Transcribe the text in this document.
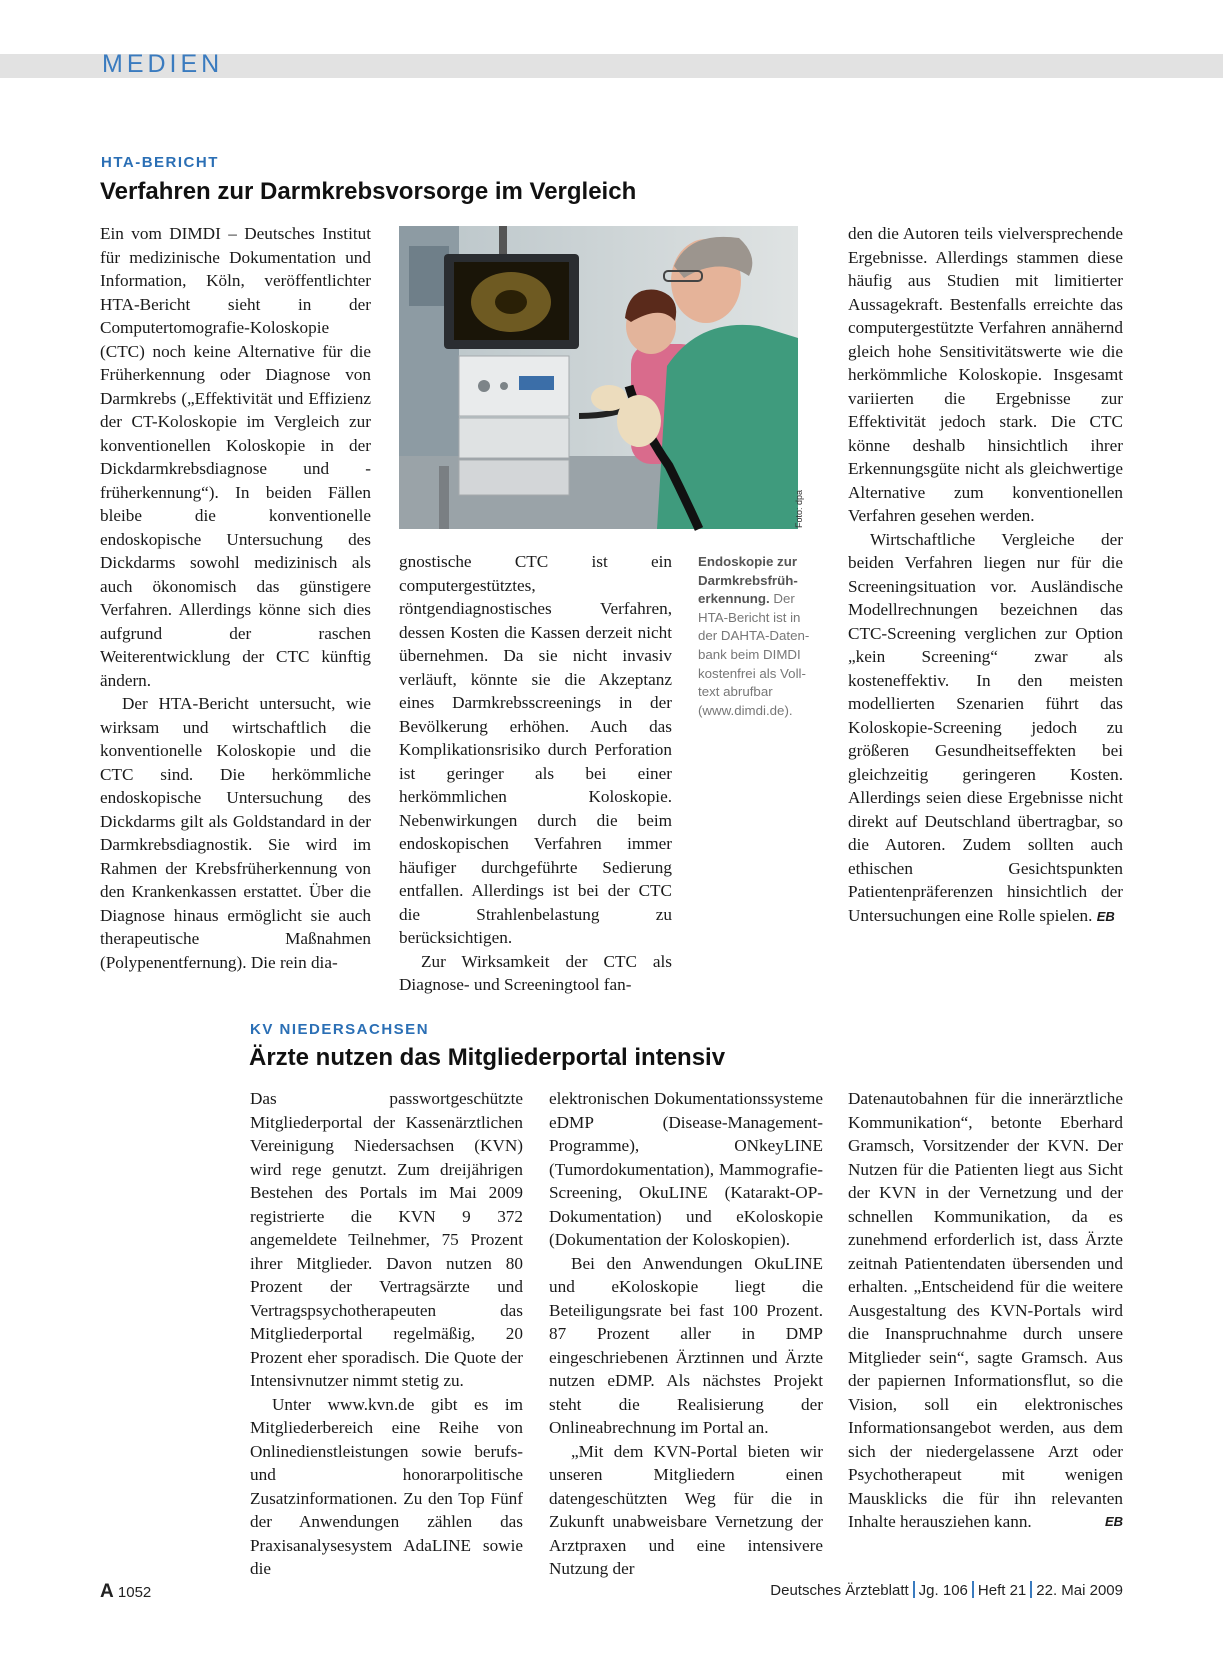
MEDIEN
HTA-BERICHT
Verfahren zur Darmkrebsvorsorge im Vergleich

Ein vom DIMDI – Deutsches Institut für medizinische Dokumentation und Information, Köln, veröffentlichter HTA-Bericht sieht in der Computertomografie-Koloskopie (CTC) noch keine Alternative für die Früherkennung oder Diagnose von Darmkrebs („Effektivität und Effizienz der CT-Koloskopie im Vergleich zur konventionellen Koloskopie in der Dickdarmkrebsdiagnose und -früherkennung“). In beiden Fällen bleibe die konventionelle endoskopische Untersuchung des Dickdarms sowohl medizinisch als auch ökonomisch das günstigere Verfahren. Allerdings könne sich dies aufgrund der raschen Weiterentwicklung der CTC künftig ändern.

Der HTA-Bericht untersucht, wie wirksam und wirtschaftlich die konventionelle Koloskopie und die CTC sind. Die herkömmliche endoskopische Untersuchung des Dickdarms gilt als Goldstandard in der Darmkrebsdiagnostik. Sie wird im Rahmen der Krebsfrüherkennung von den Krankenkassen erstattet. Über die Diagnose hinaus ermöglicht sie auch therapeutische Maßnahmen (Polypenentfernung). Die rein dia-

Foto: dpa

gnostische CTC ist ein computergestütztes, röntgendiagnostisches Verfahren, dessen Kosten die Kassen derzeit nicht übernehmen. Da sie nicht invasiv verläuft, könnte sie die Akzeptanz eines Darmkrebsscreenings in der Bevölkerung erhöhen. Auch das Komplikationsrisiko durch Perforation ist geringer als bei einer herkömmlichen Koloskopie. Nebenwirkungen durch die beim endoskopischen Verfahren immer häufiger durchgeführte Sedierung entfallen. Allerdings ist bei der CTC die Strahlenbelastung zu berücksichtigen.

Zur Wirksamkeit der CTC als Diagnose- und Screeningtool fan-

Endoskopie zur Darmkrebsfrüherkennung. Der HTA-Bericht ist in der DAHTA-Datenbank beim DIMDI kostenfrei als Volltext abrufbar (www.dimdi.de).

den die Autoren teils vielversprechende Ergebnisse. Allerdings stammen diese häufig aus Studien mit limitierter Aussagekraft. Bestenfalls erreichte das computergestützte Verfahren annähernd gleich hohe Sensitivitätswerte wie die herkömmliche Koloskopie. Insgesamt variierten die Ergebnisse zur Effektivität jedoch stark. Die CTC könne deshalb hinsichtlich ihrer Erkennungsgüte nicht als gleichwertige Alternative zum konventionellen Verfahren gesehen werden.

Wirtschaftliche Vergleiche der beiden Verfahren liegen nur für die Screeningsituation vor. Ausländische Modellrechnungen bezeichnen das CTC-Screening verglichen zur Option „kein Screening“ zwar als kosteneffektiv. In den meisten modellierten Szenarien führt das Koloskopie-Screening jedoch zu größeren Gesundheitseffekten bei gleichzeitig geringeren Kosten. Allerdings seien diese Ergebnisse nicht direkt auf Deutschland übertragbar, so die Autoren. Zudem sollten auch ethischen Gesichtspunkten Patientenpräferenzen hinsichtlich der Untersuchungen eine Rolle spielen. EB

KV NIEDERSACHSEN
Ärzte nutzen das Mitgliederportal intensiv

Das passwortgeschützte Mitgliederportal der Kassenärztlichen Vereinigung Niedersachsen (KVN) wird rege genutzt. Zum dreijährigen Bestehen des Portals im Mai 2009 registrierte die KVN 9 372 angemeldete Teilnehmer, 75 Prozent ihrer Mitglieder. Davon nutzen 80 Prozent der Vertragsärzte und Vertragspsychotherapeuten das Mitgliederportal regelmäßig, 20 Prozent eher sporadisch. Die Quote der Intensivnutzer nimmt stetig zu.

Unter www.kvn.de gibt es im Mitgliederbereich eine Reihe von Onlinedienstleistungen sowie berufs- und honorarpolitische Zusatzinformationen. Zu den Top Fünf der Anwendungen zählen das Praxisanalysesystem AdaLINE sowie die

elektronischen Dokumentationssysteme eDMP (Disease-Management-Programme), ONkeyLINE (Tumordokumentation), Mammografie-Screening, OkuLINE (Katarakt-OP-Dokumentation) und eKoloskopie (Dokumentation der Koloskopien).

Bei den Anwendungen OkuLINE und eKoloskopie liegt die Beteiligungsrate bei fast 100 Prozent. 87 Prozent aller in DMP eingeschriebenen Ärztinnen und Ärzte nutzen eDMP. Als nächstes Projekt steht die Realisierung der Onlineabrechnung im Portal an.

„Mit dem KVN-Portal bieten wir unseren Mitgliedern einen datengeschützten Weg für die in Zukunft unabweisbare Vernetzung der Arztpraxen und eine intensivere Nutzung der

Datenautobahnen für die innerärztliche Kommunikation“, betonte Eberhard Gramsch, Vorsitzender der KVN. Der Nutzen für die Patienten liegt aus Sicht der KVN in der Vernetzung und der schnellen Kommunikation, da es zunehmend erforderlich ist, dass Ärzte zeitnah Patientendaten übersenden und erhalten. „Entscheidend für die weitere Ausgestaltung des KVN-Portals wird die Inanspruchnahme durch unsere Mitglieder sein“, sagte Gramsch. Aus der papiernen Informationsflut, so die Vision, soll ein elektronisches Informationsangebot werden, aus dem sich der niedergelassene Arzt oder Psychotherapeut mit wenigen Mausklicks die für ihn relevanten Inhalte herausziehen kann.	EB

A 1052	Deutsches Ärzteblatt Jg. 106 Heft 21 22. Mai 2009
